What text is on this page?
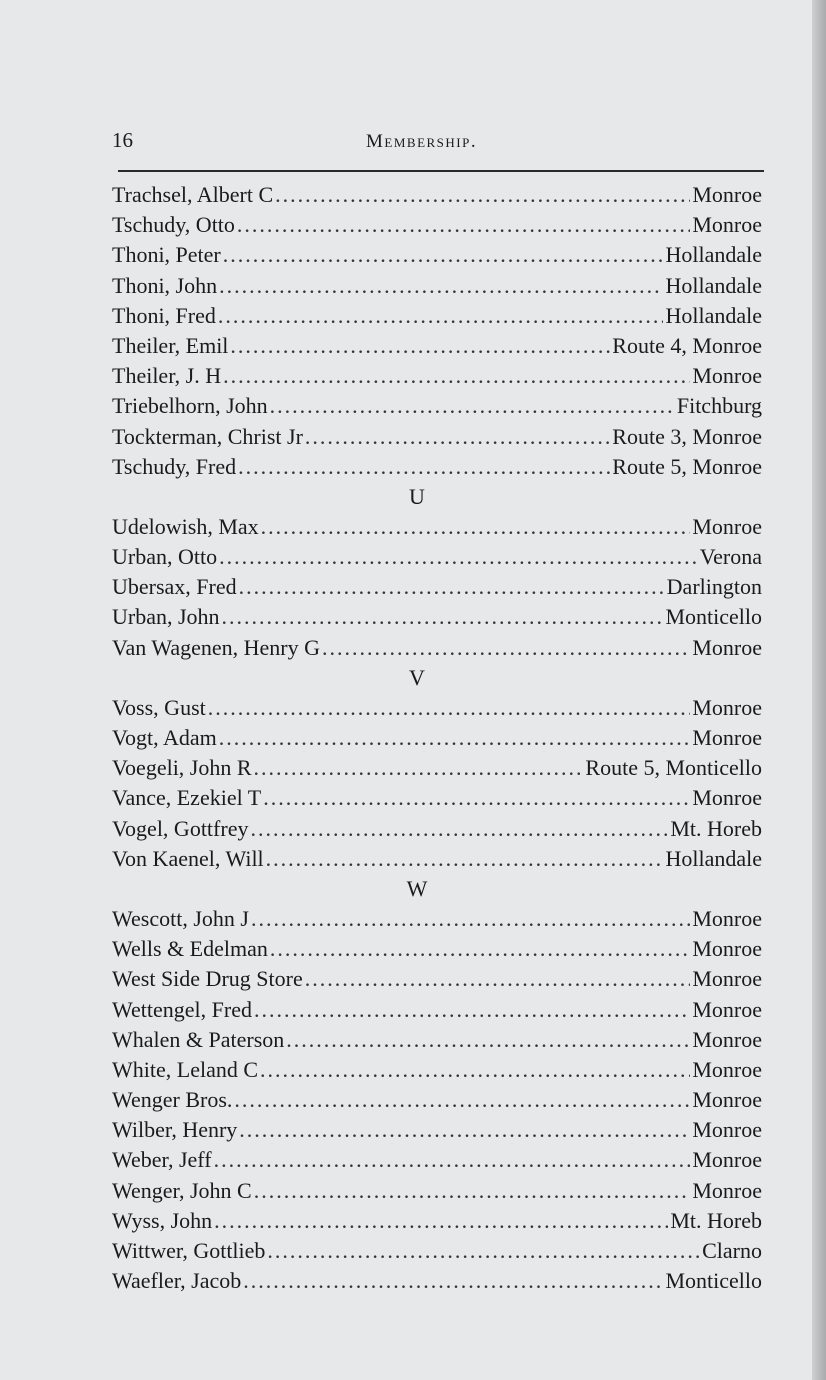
16	Membership.
Trachsel, Albert C .....	Monroe
Tschudy, Otto .....	Monroe
Thoni, Peter .....	Hollandale
Thoni, John .....	Hollandale
Thoni, Fred .....	Hollandale
Theiler, Emil .....	Route 4, Monroe
Theiler, J. H .....	Monroe
Triebelhorn, John .....	Fitchburg
Tockterman, Christ Jr .....	Route 3, Monroe
Tschudy, Fred .....	Route 5, Monroe
U
Udelowish, Max .....	Monroe
Urban, Otto .....	Verona
Ubersax, Fred .....	Darlington
Urban, John .....	Monticello
Van Wagenen, Henry G .....	Monroe
V
Voss, Gust .....	Monroe
Vogt, Adam .....	Monroe
Voegeli, John R .....	Route 5, Monticello
Vance, Ezekiel T .....	Monroe
Vogel, Gottfrey .....	Mt. Horeb
Von Kaenel, Will .....	Hollandale
W
Wescott, John J .....	Monroe
Wells & Edelman .....	Monroe
West Side Drug Store .....	Monroe
Wettengel, Fred .....	Monroe
Whalen & Paterson .....	Monroe
White, Leland C .....	Monroe
Wenger Bros. .....	Monroe
Wilber, Henry .....	Monroe
Weber, Jeff .....	Monroe
Wenger, John C .....	Monroe
Wyss, John .....	Mt. Horeb
Wittwer, Gottlieb .....	Clarno
Waefler, Jacob .....	Monticello
